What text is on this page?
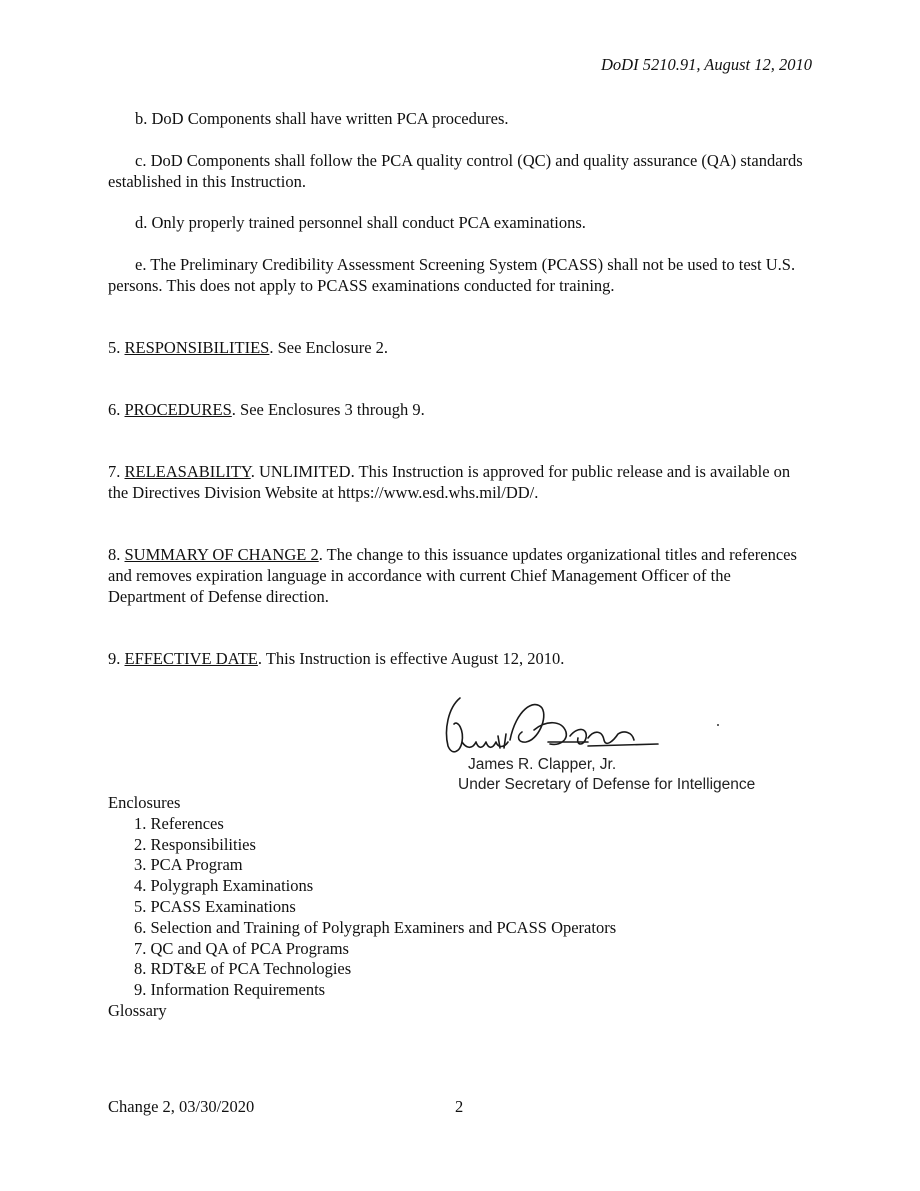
DoDI 5210.91, August 12, 2010

b. DoD Components shall have written PCA procedures.

c. DoD Components shall follow the PCA quality control (QC) and quality assurance (QA) standards established in this Instruction.

d. Only properly trained personnel shall conduct PCA examinations.

e. The Preliminary Credibility Assessment Screening System (PCASS) shall not be used to test U.S. persons. This does not apply to PCASS examinations conducted for training.

5. RESPONSIBILITIES. See Enclosure 2.

6. PROCEDURES. See Enclosures 3 through 9.

7. RELEASABILITY. UNLIMITED. This Instruction is approved for public release and is available on the Directives Division Website at https://www.esd.whs.mil/DD/.

8. SUMMARY OF CHANGE 2. The change to this issuance updates organizational titles and references and removes expiration language in accordance with current Chief Management Officer of the Department of Defense direction.

9. EFFECTIVE DATE. This Instruction is effective August 12, 2010.

James R. Clapper, Jr.
Under Secretary of Defense for Intelligence
Enclosures
1. References
2. Responsibilities
3. PCA Program
4. Polygraph Examinations
5. PCASS Examinations
6. Selection and Training of Polygraph Examiners and PCASS Operators
7. QC and QA of PCA Programs
8. RDT&E of PCA Technologies
9. Information Requirements
Glossary
Change 2, 03/30/2020	2
